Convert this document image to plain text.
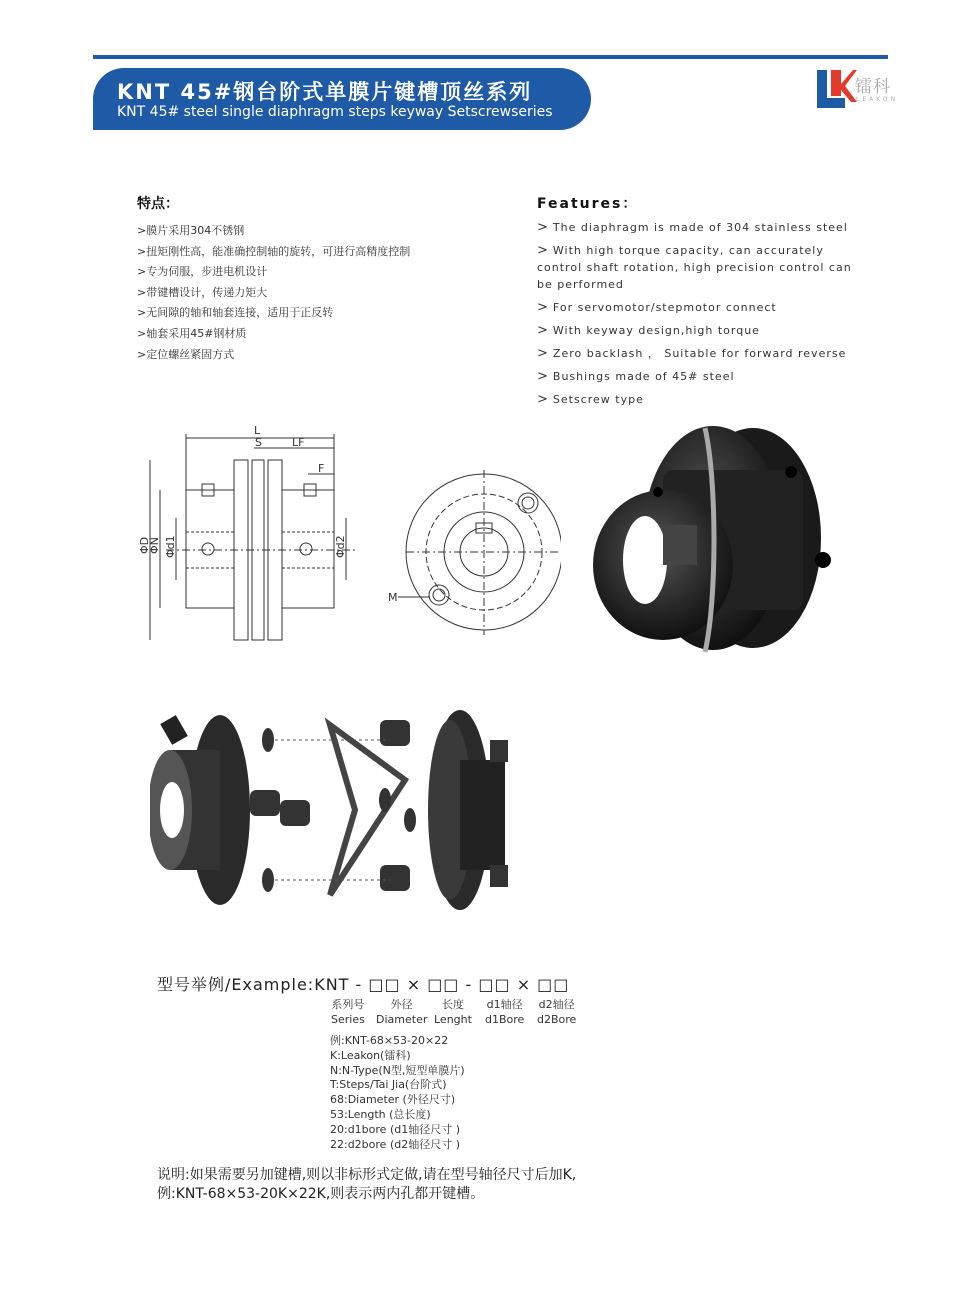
KNT 45#钢台阶式单膜片键槽顶丝系列
KNT 45# steel single diaphragm steps keyway Setscrewseries
镭科
LEAKON
特点：
>膜片采用304不锈钢
>扭矩刚性高，能准确控制轴的旋转，可进行高精度控制
>专为伺服，步进电机设计
>带键槽设计，传递力矩大
>无间隙的轴和轴套连接，适用于正反转
>轴套采用45#钢材质
>定位螺丝紧固方式
Features：
> The diaphragm is made of 304 stainless steel
> With high torque capacity, can accurately control shaft rotation, high precision control can be performed
> For servomotor/stepmotor connect
> With keyway design,high torque
> Zero backlash ， Suitable for forward reverse
> Bushings made of 45# steel
> Setscrew type
L
S	LF
F
ΦD
ΦN Φd1	Φd2
M
型号举例/Example:KNT - □□ × □□ - □□ × □□
系列号
Series
外径
Diameter
长度
Lenght
d1轴径
d1Bore
d2轴径
d2Bore
例:KNT-68×53-20×22
K:Leakon(镭科)
N:N-Type(N型,短型单膜片)
T:Steps/Tai Jia(台阶式)
68:Diameter (外径尺寸)
53:Length (总长度)
20:d1bore (d1轴径尺寸 )
22:d2bore (d2轴径尺寸 )
说明:如果需要另加键槽,则以非标形式定做,请在型号轴径尺寸后加K,
例:KNT-68×53-20K×22K,则表示两内孔都开键槽。
